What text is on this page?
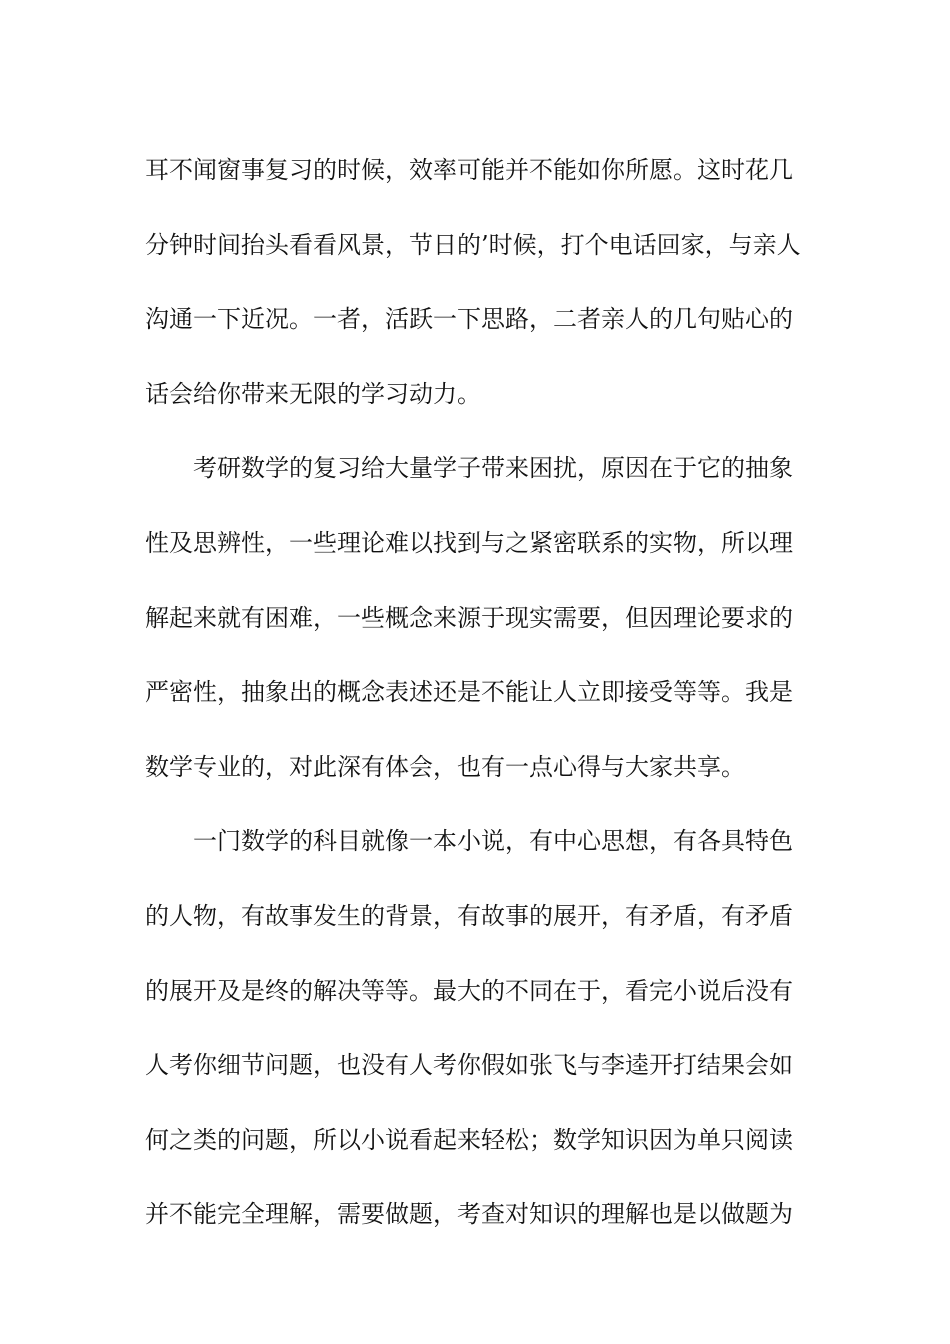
耳不闻窗事复习的时候，效率可能并不能如你所愿。这时花几
分钟时间抬头看看风景，节日的’时候，打个电话回家，与亲人
沟通一下近况。一者，活跃一下思路，二者亲人的几句贴心的
话会给你带来无限的学习动力。
考研数学的复习给大量学子带来困扰，原因在于它的抽象
性及思辨性，一些理论难以找到与之紧密联系的实物，所以理
解起来就有困难，一些概念来源于现实需要，但因理论要求的
严密性，抽象出的概念表述还是不能让人立即接受等等。我是
数学专业的，对此深有体会，也有一点心得与大家共享。
一门数学的科目就像一本小说，有中心思想，有各具特色
的人物，有故事发生的背景，有故事的展开，有矛盾，有矛盾
的展开及是终的解决等等。最大的不同在于，看完小说后没有
人考你细节问题，也没有人考你假如张飞与李逵开打结果会如
何之类的问题，所以小说看起来轻松；数学知识因为单只阅读
并不能完全理解，需要做题，考查对知识的理解也是以做题为
